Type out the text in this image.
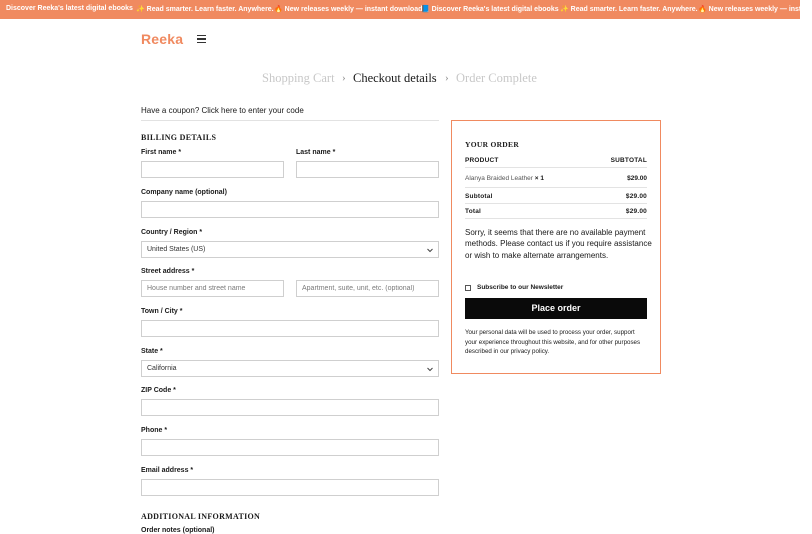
Discover Reeka's latest digital ebooks ✨ Read smarter. Learn faster. Anywhere. 🔥 New releases weekly — instant download
📘 Discover Reeka's latest digital ebooks ✨ Read smarter. Learn faster. Anywhere. 🔥 New releases weekly — instant
Reeka
Shopping Cart › Checkout details › Order Complete
Have a coupon? Click here to enter your code
BILLING DETAILS
First name *	Last name *
Company name (optional)
Country / Region *
United States (US)
Street address *
House number and street name
Apartment, suite, unit, etc. (optional)
Town / City *
State *
California
ZIP Code *
Phone *
Email address *
ADDITIONAL INFORMATION
Order notes (optional)
YOUR ORDER
PRODUCT	SUBTOTAL
Alanya Braided Leather × 1	$29.00
Subtotal	$29.00
Total	$29.00
Sorry, it seems that there are no available payment methods. Please contact us if you require assistance or wish to make alternate arrangements.
Subscribe to our Newsletter
Place order
Your personal data will be used to process your order, support your experience throughout this website, and for other purposes described in our privacy policy.
